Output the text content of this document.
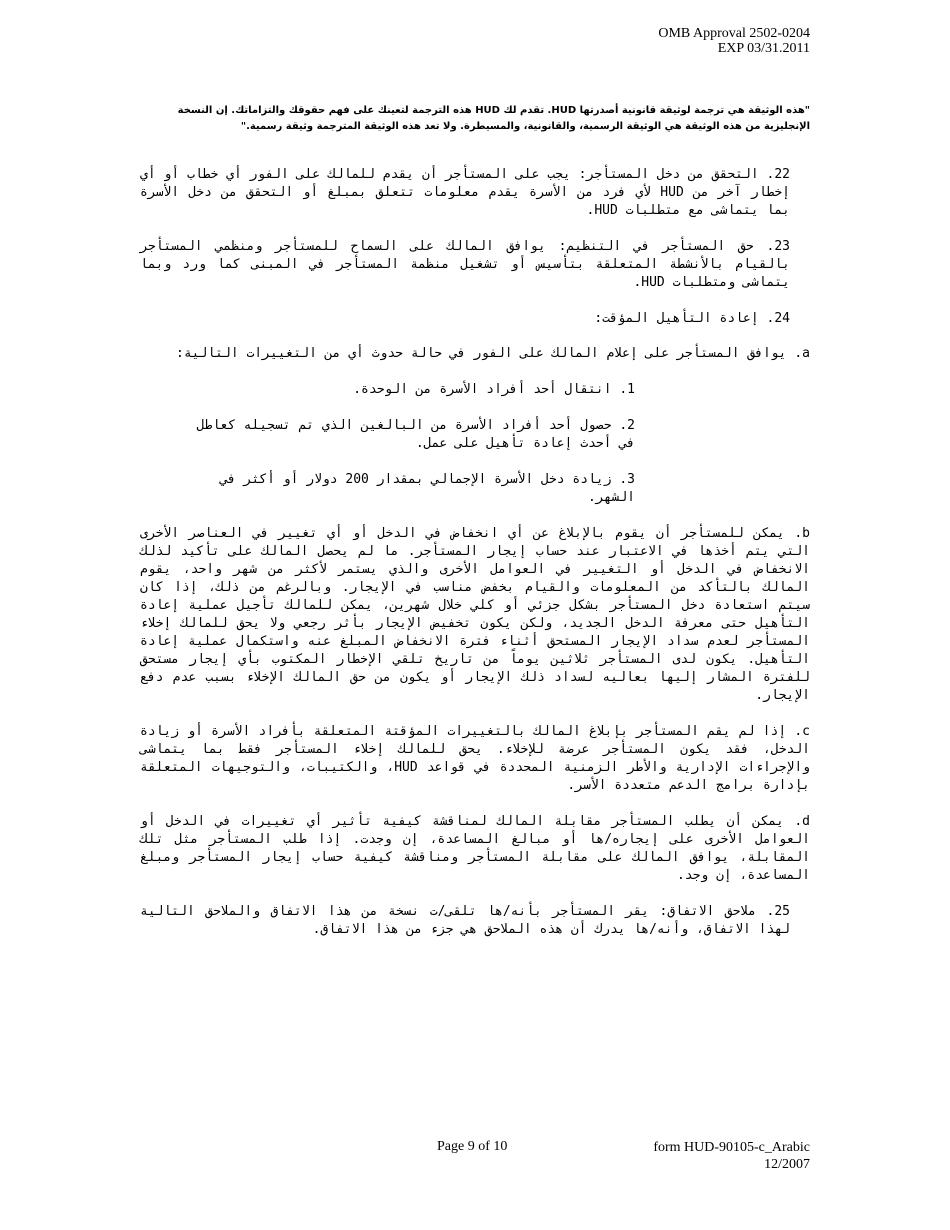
OMB Approval 2502-0204
EXP 03/31.2011
"هذه الوثيقة هي ترجمة لوثيقة قانونية أصدرتها HUD. تقدم لك HUD هذه الترجمة لتعينك على فهم حقوقك والتزاماتك. إن النسخة الإنجليزية من هذه الوثيقة هي الوثيقة الرسمية، والقانونية، والمسيطرة. ولا تعد هذه الوثيقة المترجمة وثيقة رسمية."

22. التحقق من دخل المستأجر: يجب على المستأجر أن يقدم للمالك على الفور أي خطاب أو أي إخطار آخر من HUD لأي فرد من الأسرة يقدم معلومات تتعلق بمبلغ أو التحقق من دخل الأسرة بما يتماشى مع متطلبات HUD.

23. حق المستأجر في التنظيم: يوافق المالك على السماح للمستأجر ومنظمي المستأجر بالقيام بالأنشطة المتعلقة بتأسيس أو تشغيل منظمة المستأجر في المبنى كما ورد وبما يتماشى ومتطلبات HUD.

24. إعادة التأهيل المؤقت:

a. يوافق المستأجر على إعلام المالك على الفور في حالة حدوث أي من التغييرات التالية:

1. انتقال أحد أفراد الأسرة من الوحدة.

2. حصول أحد أفراد الأسرة من البالغين الذي تم تسجيله كعاطل في أحدث إعادة تأهيل على عمل.

3. زيادة دخل الأسرة الإجمالي بمقدار 200 دولار أو أكثر في الشهر.

b. يمكن للمستأجر أن يقوم بالإبلاغ عن أي انخفاض في الدخل أو أي تغيير في العناصر الأخرى التي يتم أخذها في الاعتبار عند حساب إيجار المستأجر. ما لم يحصل المالك على تأكيد لذلك الانخفاض في الدخل أو التغيير في العوامل الأخرى والذي يستمر لأكثر من شهر واحد، يقوم المالك بالتأكد من المعلومات والقيام بخفض مناسب في الإيجار. وبالرغم من ذلك، إذا كان سيتم استعادة دخل المستأجر بشكل جزئي أو كلي خلال شهرين، يمكن للمالك تأجيل عملية إعادة التأهيل حتى معرفة الدخل الجديد، ولكن يكون تخفيض الإيجار بأثر رجعي ولا يحق للمالك إخلاء المستأجر لعدم سداد الإيجار المستحق أثناء فترة الانخفاض المبلغ عنه واستكمال عملية إعادة التأهيل. يكون لدى المستأجر ثلاثين يوماً من تاريخ تلقي الإخطار المكتوب بأي إيجار مستحق للفترة المشار إليها بعاليه لسداد ذلك الإيجار أو يكون من حق المالك الإخلاء بسبب عدم دفع الإيجار.

c. إذا لم يقم المستأجر بإبلاغ المالك بالتغييرات المؤقتة المتعلقة بأفراد الأسرة أو زيادة الدخل، فقد يكون المستأجر عرضة للإخلاء. يحق للمالك إخلاء المستأجر فقط بما يتماشى والإجراءات الإدارية والأطر الزمنية المحددة في قواعد HUD، والكتيبات، والتوجيهات المتعلقة بإدارة برامج الدعم متعددة الأسر.

d. يمكن أن يطلب المستأجر مقابلة المالك لمناقشة كيفية تأثير أي تغييرات في الدخل أو العوامل الأخرى على إيجاره/ها أو مبالغ المساعدة، إن وجدت. إذا طلب المستأجر مثل تلك المقابلة، يوافق المالك على مقابلة المستأجر ومناقشة كيفية حساب إيجار المستأجر ومبلغ المساعدة، إن وجد.

25. ملاحق الاتفاق: يقر المستأجر بأنه/ها تلقى/ت نسخة من هذا الاتفاق والملاحق التالية لهذا الاتفاق، وأنه/ها يدرك أن هذه الملاحق هي جزء من هذا الاتفاق.

Page 9 of 10	form HUD-90105-c_Arabic
12/2007
